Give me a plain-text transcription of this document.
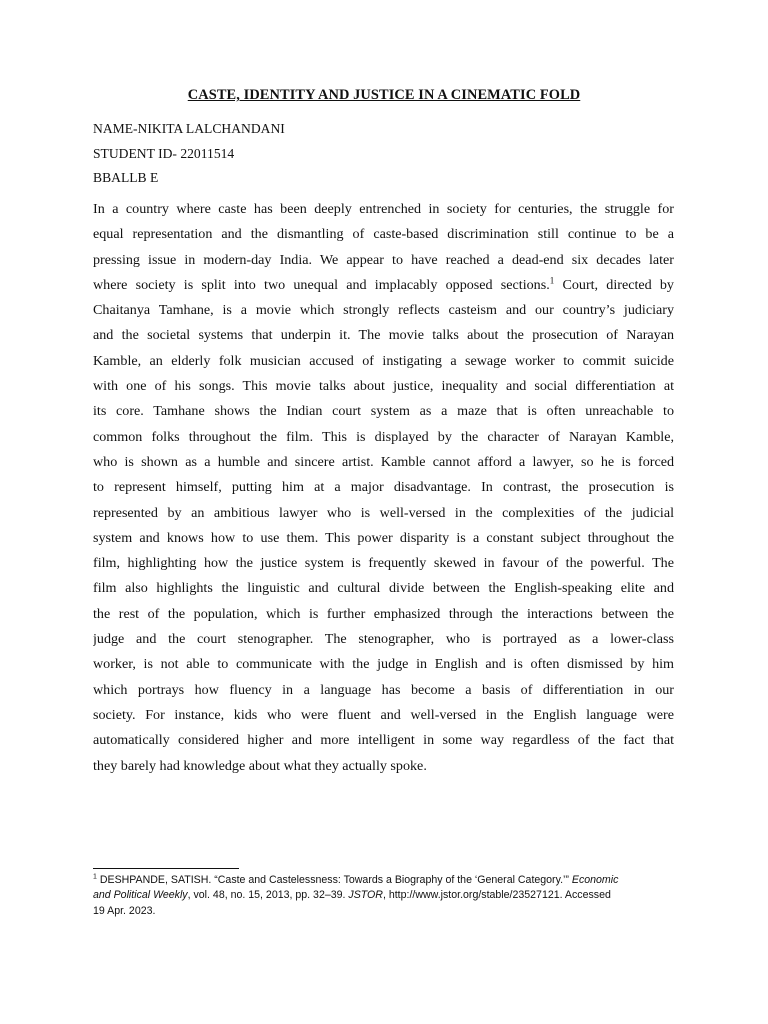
CASTE, IDENTITY AND JUSTICE IN A CINEMATIC FOLD
NAME-NIKITA LALCHANDANI
STUDENT ID- 22011514
BBALLB E
In a country where caste has been deeply entrenched in society for centuries, the struggle for
equal representation and the dismantling of caste-based discrimination still continue to be a
pressing issue in modern-day India. We appear to have reached a dead-end six decades later
where society is split into two unequal and implacably opposed sections.$^1$ Court, directed by
Chaitanya Tamhane, is a movie which strongly reflects casteism and our country’s judiciary
and the societal systems that underpin it. The movie talks about the prosecution of Narayan
Kamble, an elderly folk musician accused of instigating a sewage worker to commit suicide
with one of his songs. This movie talks about justice, inequality and social differentiation at
its core. Tamhane shows the Indian court system as a maze that is often unreachable to
common folks throughout the film. This is displayed by the character of Narayan Kamble,
who is shown as a humble and sincere artist. Kamble cannot afford a lawyer, so he is forced
to represent himself, putting him at a major disadvantage. In contrast, the prosecution is
represented by an ambitious lawyer who is well-versed in the complexities of the judicial
system and knows how to use them. This power disparity is a constant subject throughout the
film, highlighting how the justice system is frequently skewed in favour of the powerful. The
film also highlights the linguistic and cultural divide between the English-speaking elite and
the rest of the population, which is further emphasized through the interactions between the
judge and the court stenographer. The stenographer, who is portrayed as a lower-class
worker, is not able to communicate with the judge in English and is often dismissed by him
which portrays how fluency in a language has become a basis of differentiation in our
society. For instance, kids who were fluent and well-versed in the English language were
automatically considered higher and more intelligent in some way regardless of the fact that
they barely had knowledge about what they actually spoke.
$^1$ DESHPANDE, SATISH. “Caste and Castelessness: Towards a Biography of the ‘General Category.’” Economic
and Political Weekly, vol. 48, no. 15, 2013, pp. 32–39. JSTOR, http://www.jstor.org/stable/23527121. Accessed
19 Apr. 2023.
